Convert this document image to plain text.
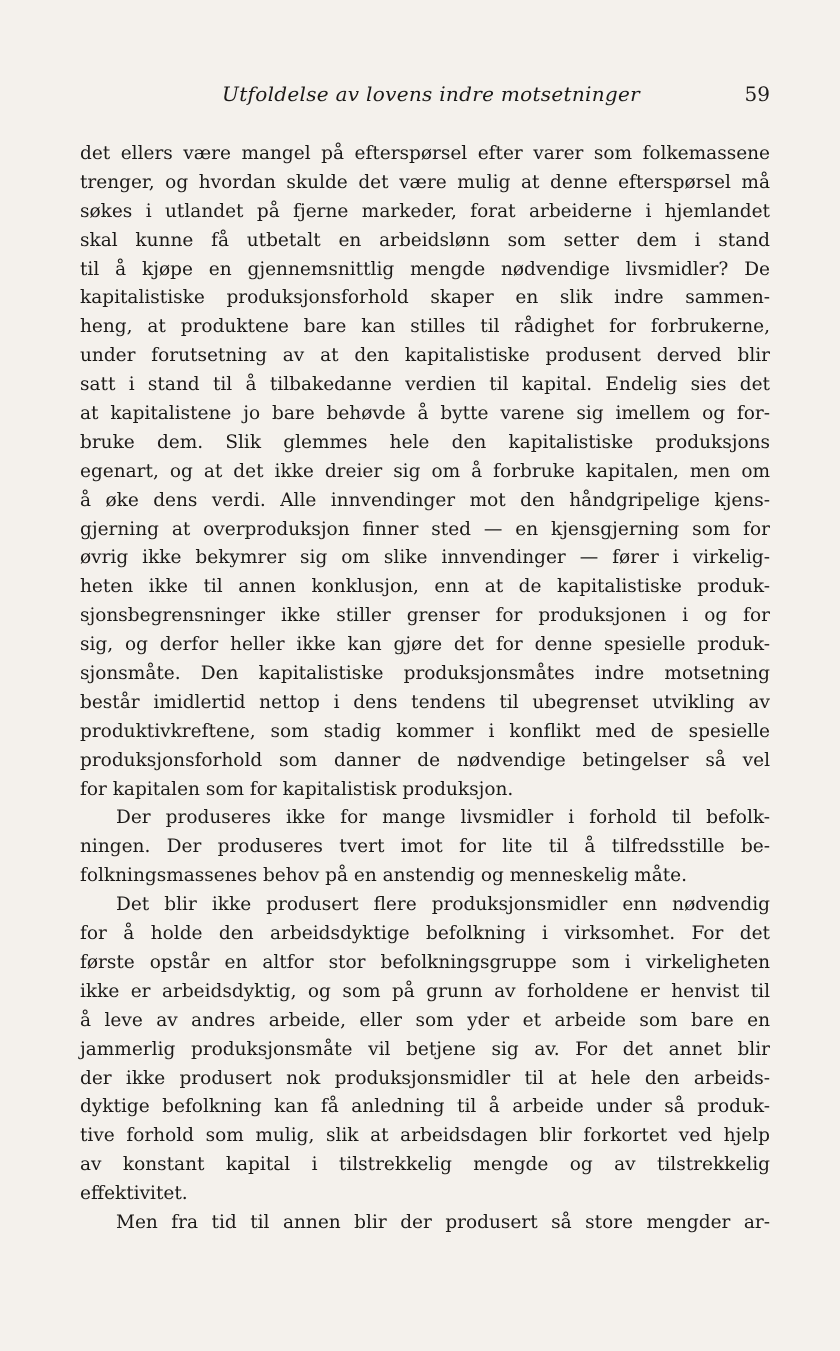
Utfoldelse av lovens indre motsetninger	59
det ellers være mangel på efterspørsel efter varer som folkemassene
trenger, og hvordan skulde det være mulig at denne efterspørsel må
søkes i utlandet på fjerne markeder, forat arbeiderne i hjemlandet
skal kunne få utbetalt en arbeidslønn som setter dem i stand
til å kjøpe en gjennemsnittlig mengde nødvendige livsmidler? De
kapitalistiske produksjonsforhold skaper en slik indre sammen-
heng, at produktene bare kan stilles til rådighet for forbrukerne,
under forutsetning av at den kapitalistiske produsent derved blir
satt i stand til å tilbakedanne verdien til kapital. Endelig sies det
at kapitalistene jo bare behøvde å bytte varene sig imellem og for-
bruke dem. Slik glemmes hele den kapitalistiske produksjons
egenart, og at det ikke dreier sig om å forbruke kapitalen, men om
å øke dens verdi. Alle innvendinger mot den håndgripelige kjens-
gjerning at overproduksjon finner sted — en kjensgjerning som for
øvrig ikke bekymrer sig om slike innvendinger — fører i virkelig-
heten ikke til annen konklusjon, enn at de kapitalistiske produk-
sjonsbegrensninger ikke stiller grenser for produksjonen i og for
sig, og derfor heller ikke kan gjøre det for denne spesielle produk-
sjonsmåte. Den kapitalistiske produksjonsmåtes indre motsetning
består imidlertid nettop i dens tendens til ubegrenset utvikling av
produktivkreftene, som stadig kommer i konflikt med de spesielle
produksjonsforhold som danner de nødvendige betingelser så vel
for kapitalen som for kapitalistisk produksjon.
Der produseres ikke for mange livsmidler i forhold til befolk-
ningen. Der produseres tvert imot for lite til å tilfredsstille be-
folkningsmassenes behov på en anstendig og menneskelig måte.
Det blir ikke produsert flere produksjonsmidler enn nødvendig
for å holde den arbeidsdyktige befolkning i virksomhet. For det
første opstår en altfor stor befolkningsgruppe som i virkeligheten
ikke er arbeidsdyktig, og som på grunn av forholdene er henvist til
å leve av andres arbeide, eller som yder et arbeide som bare en
jammerlig produksjonsmåte vil betjene sig av. For det annet blir
der ikke produsert nok produksjonsmidler til at hele den arbeids-
dyktige befolkning kan få anledning til å arbeide under så produk-
tive forhold som mulig, slik at arbeidsdagen blir forkortet ved hjelp
av konstant kapital i tilstrekkelig mengde og av tilstrekkelig
effektivitet.
Men fra tid til annen blir der produsert så store mengder ar-
